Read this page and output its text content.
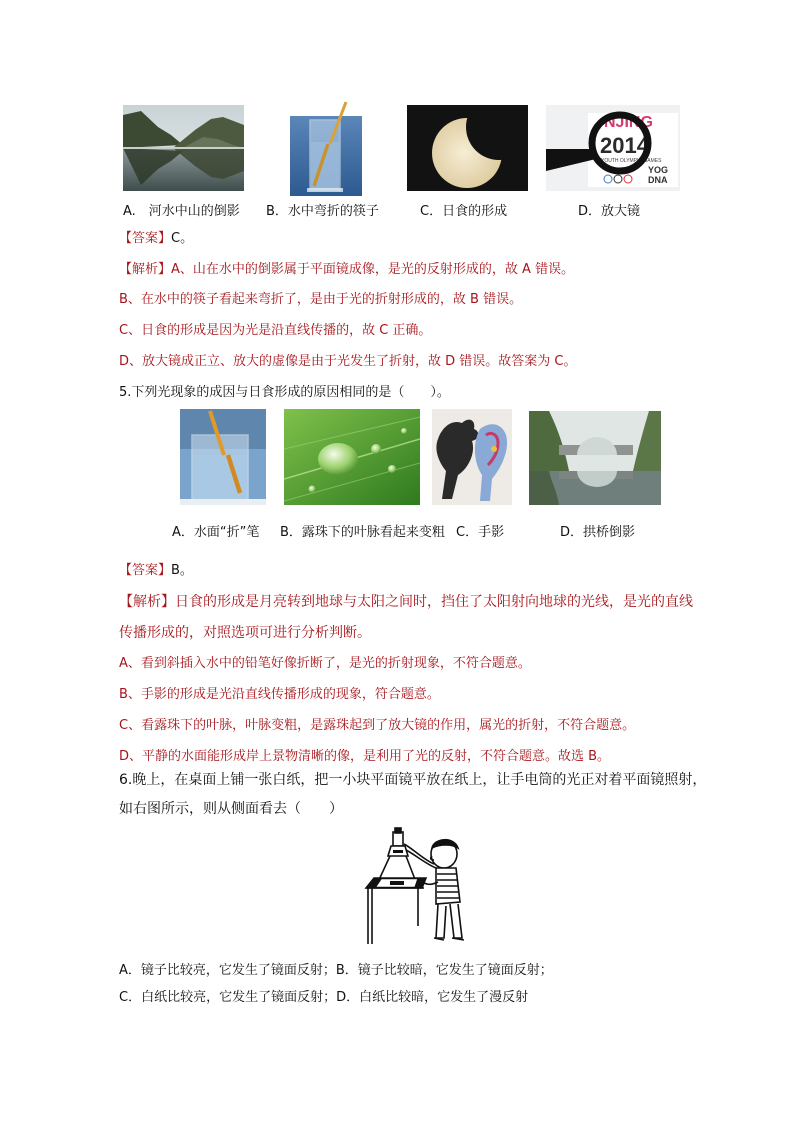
NJING
2014
YOUTH OLYMPIC GAMES
YOG
DNA
A.　河水中山的倒影 B．水中弯折的筷子	C．日食的形成	D．放大镜
【答案】C。
【解析】A、山在水中的倒影属于平面镜成像，是光的反射形成的，故 A 错误。
B、在水中的筷子看起来弯折了，是由于光的折射形成的，故 B 错误。
C、日食的形成是因为光是沿直线传播的，故 C 正确。
D、放大镜成正立、放大的虚像是由于光发生了折射，故 D 错误。故答案为 C。
5.下列光现象的成因与日食形成的原因相同的是（　　）。
A．水面“折”笔 B．露珠下的叶脉看起来变粗 C．手影	D．拱桥倒影
【答案】B。
【解析】日食的形成是月亮转到地球与太阳之间时，挡住了太阳射向地球的光线，是光的直线
传播形成的，对照选项可进行分析判断。
A、看到斜插入水中的铅笔好像折断了，是光的折射现象，不符合题意。
B、手影的形成是光沿直线传播形成的现象，符合题意。
C、看露珠下的叶脉，叶脉变粗，是露珠起到了放大镜的作用，属光的折射，不符合题意。
D、平静的水面能形成岸上景物清晰的像，是利用了光的反射，不符合题意。故选 B。
6.晚上，在桌面上铺一张白纸，把一小块平面镜平放在纸上，让手电筒的光正对着平面镜照射，
如右图所示，则从侧面看去（　　）
A．镜子比较亮，它发生了镜面反射；B．镜子比较暗，它发生了镜面反射；
C．白纸比较亮，它发生了镜面反射；D．白纸比较暗，它发生了漫反射
